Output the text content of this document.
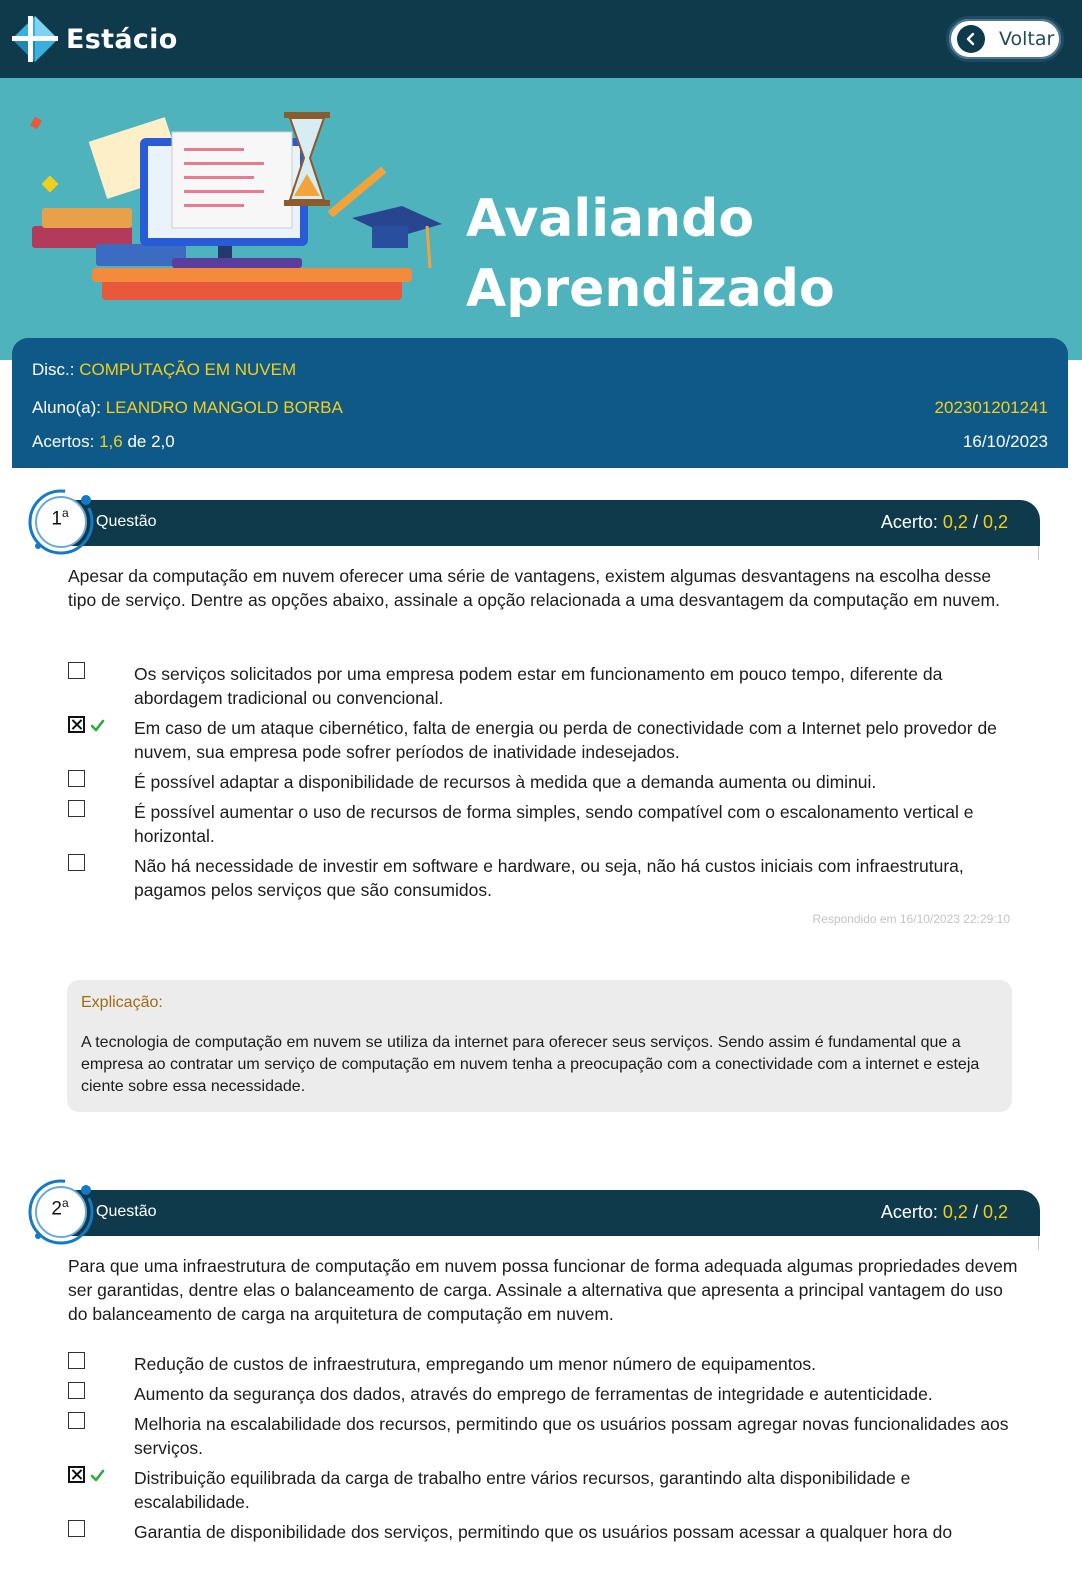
Estácio	Voltar
Avaliando Aprendizado
Disc.: COMPUTAÇÃO EM NUVEM
Aluno(a): LEANDRO MANGOLD BORBA	202301201241
Acertos: 1,6 de 2,0	16/10/2023
Questão	Acerto: 0,2 / 0,2
1$^a$
Apesar da computação em nuvem oferecer uma série de vantagens, existem algumas desvantagens na escolha desse tipo de serviço. Dentre as opções abaixo, assinale a opção relacionada a uma desvantagem da computação em nuvem.
Os serviços solicitados por uma empresa podem estar em funcionamento em pouco tempo, diferente da abordagem tradicional ou convencional.
Em caso de um ataque cibernético, falta de energia ou perda de conectividade com a Internet pelo provedor de nuvem, sua empresa pode sofrer períodos de inatividade indesejados.
É possível adaptar a disponibilidade de recursos à medida que a demanda aumenta ou diminui.
É possível aumentar o uso de recursos de forma simples, sendo compatível com o escalonamento vertical e horizontal.
Não há necessidade de investir em software e hardware, ou seja, não há custos iniciais com infraestrutura, pagamos pelos serviços que são consumidos.
Respondido em 16/10/2023 22:29:10
Explicação:
A tecnologia de computação em nuvem se utiliza da internet para oferecer seus serviços. Sendo assim é fundamental que a empresa ao contratar um serviço de computação em nuvem tenha a preocupação com a conectividade com a internet e esteja ciente sobre essa necessidade.
Questão	Acerto: 0,2 / 0,2
2$^a$
Para que uma infraestrutura de computação em nuvem possa funcionar de forma adequada algumas propriedades devem ser garantidas, dentre elas o balanceamento de carga. Assinale a alternativa que apresenta a principal vantagem do uso do balanceamento de carga na arquitetura de computação em nuvem.
Redução de custos de infraestrutura, empregando um menor número de equipamentos.
Aumento da segurança dos dados, através do emprego de ferramentas de integridade e autenticidade.
Melhoria na escalabilidade dos recursos, permitindo que os usuários possam agregar novas funcionalidades aos serviços.
Distribuição equilibrada da carga de trabalho entre vários recursos, garantindo alta disponibilidade e escalabilidade.
Garantia de disponibilidade dos serviços, permitindo que os usuários possam acessar a qualquer hora do
